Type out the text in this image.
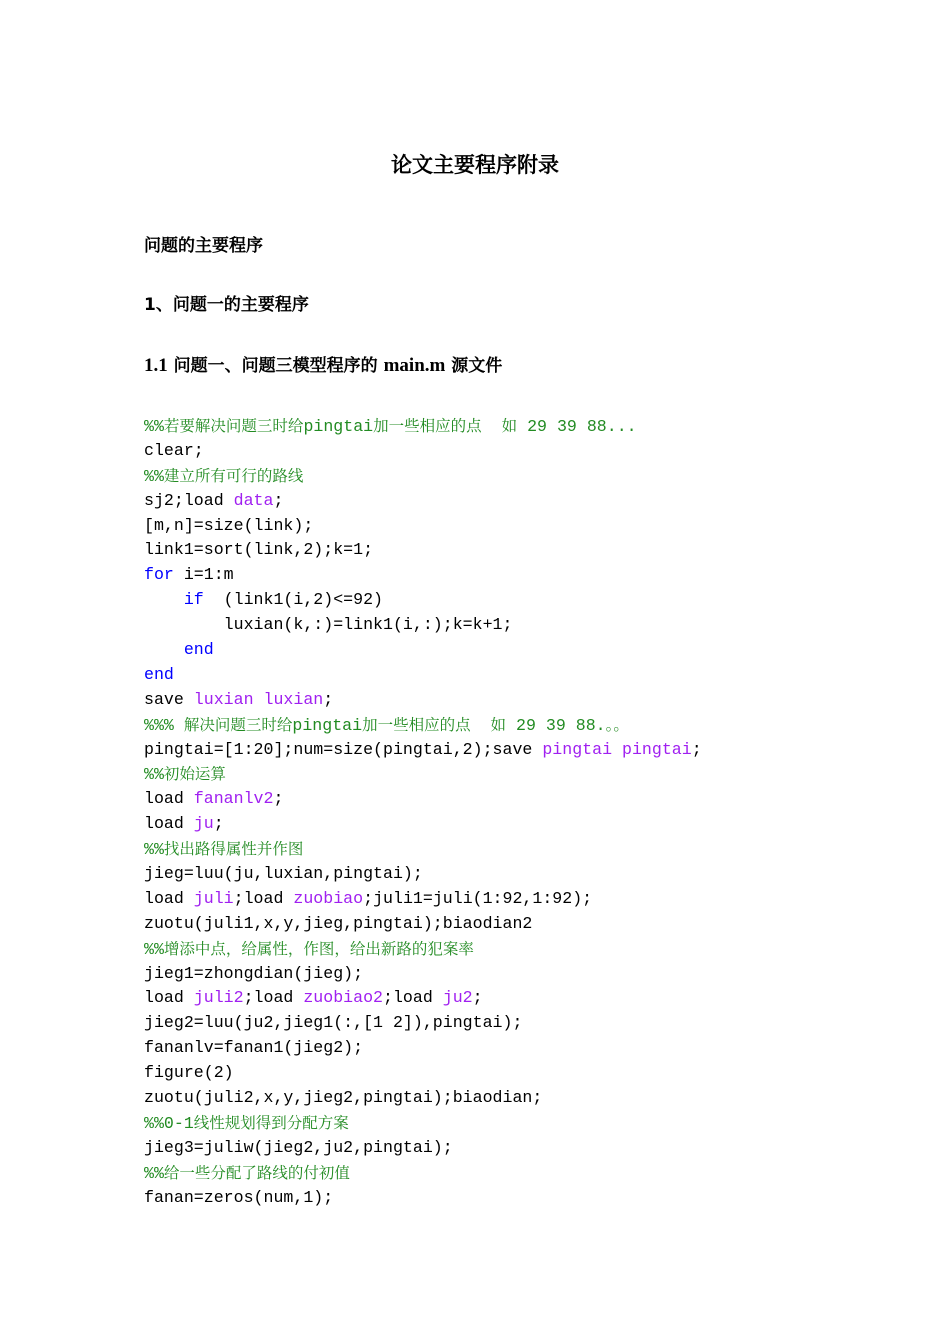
论文主要程序附录
问题的主要程序
1、问题一的主要程序
1.1 问题一、问题三模型程序的 main.m 源文件
%%若要解决问题三时给pingtai加一些相应的点 如 29 39 88...
clear;
%%建立所有可行的路线
sj2;load data;
[m,n]=size(link);
link1=sort(link,2);k=1;
for i=1:m
if  (link1(i,2)<=92)
luxian(k,:)=link1(i,:);k=k+1;
end
end
save luxian luxian;
%%% 解决问题三时给pingtai加一些相应的点 如 29 39 88.。。
pingtai=[1:20];num=size(pingtai,2);save pingtai pingtai;
%%初始运算
load fananlv2;
load ju;
%%找出路得属性并作图
jieg=luu(ju,luxian,pingtai);
load juli;load zuobiao;juli1=juli(1:92,1:92);
zuotu(juli1,x,y,jieg,pingtai);biaodian2
%%增添中点，给属性，作图，给出新路的犯案率
jieg1=zhongdian(jieg);
load juli2;load zuobiao2;load ju2;
jieg2=luu(ju2,jieg1(:,[1 2]),pingtai);
fananlv=fanan1(jieg2);
figure(2)
zuotu(juli2,x,y,jieg2,pingtai);biaodian;
%%0-1线性规划得到分配方案
jieg3=juliw(jieg2,ju2,pingtai);
%%给一些分配了路线的付初值
fanan=zeros(num,1);
